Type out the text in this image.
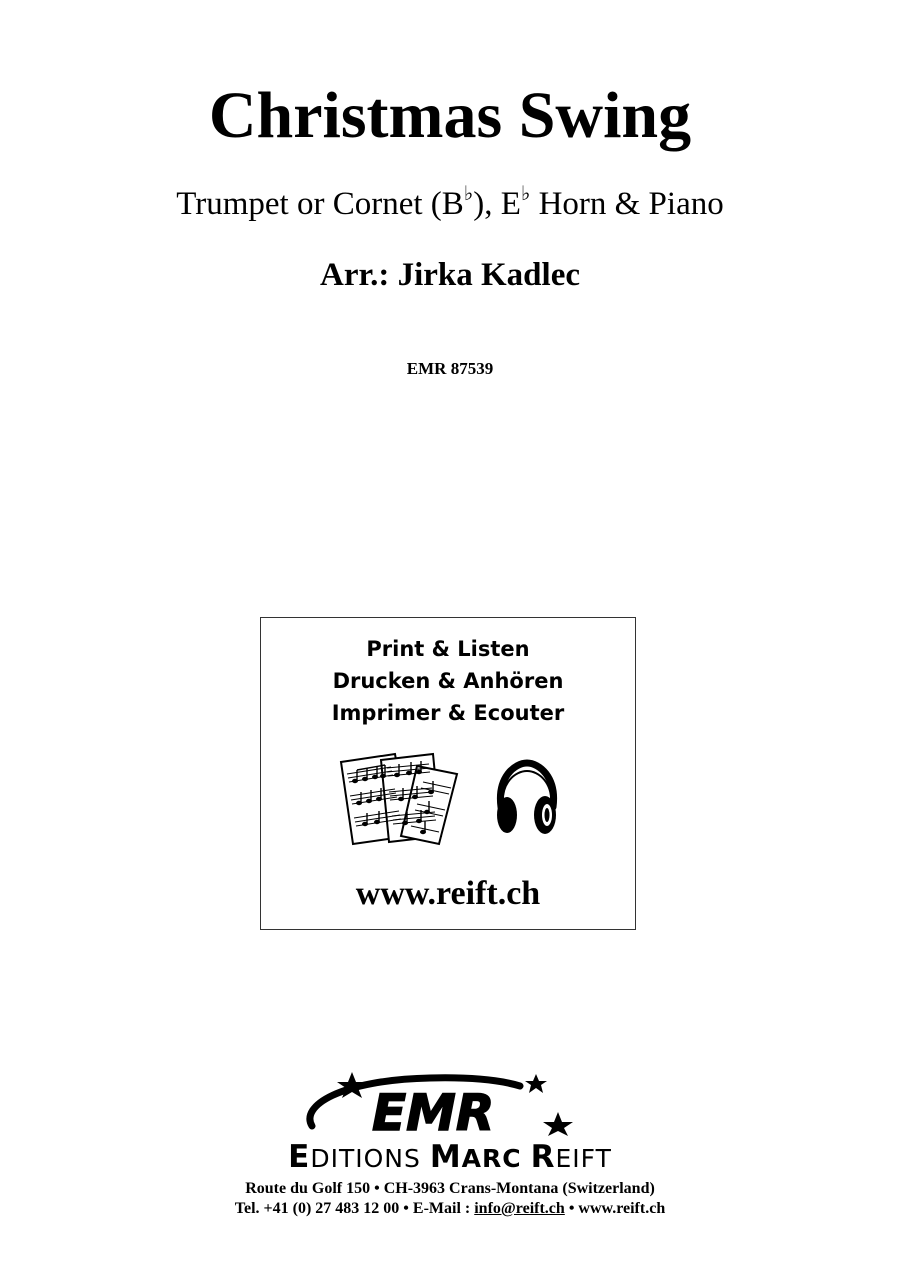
Christmas Swing
Trumpet or Cornet (B♭), E♭ Horn & Piano
Arr.: Jirka Kadlec
EMR 87539
Print & Listen
Drucken & Anhören
Imprimer & Ecouter
www.reift.ch
EMR
EDITIONS MARC REIFT
Route du Golf 150 • CH-3963 Crans-Montana (Switzerland)
Tel. +41 (0) 27 483 12 00 • E-Mail : info@reift.ch • www.reift.ch
